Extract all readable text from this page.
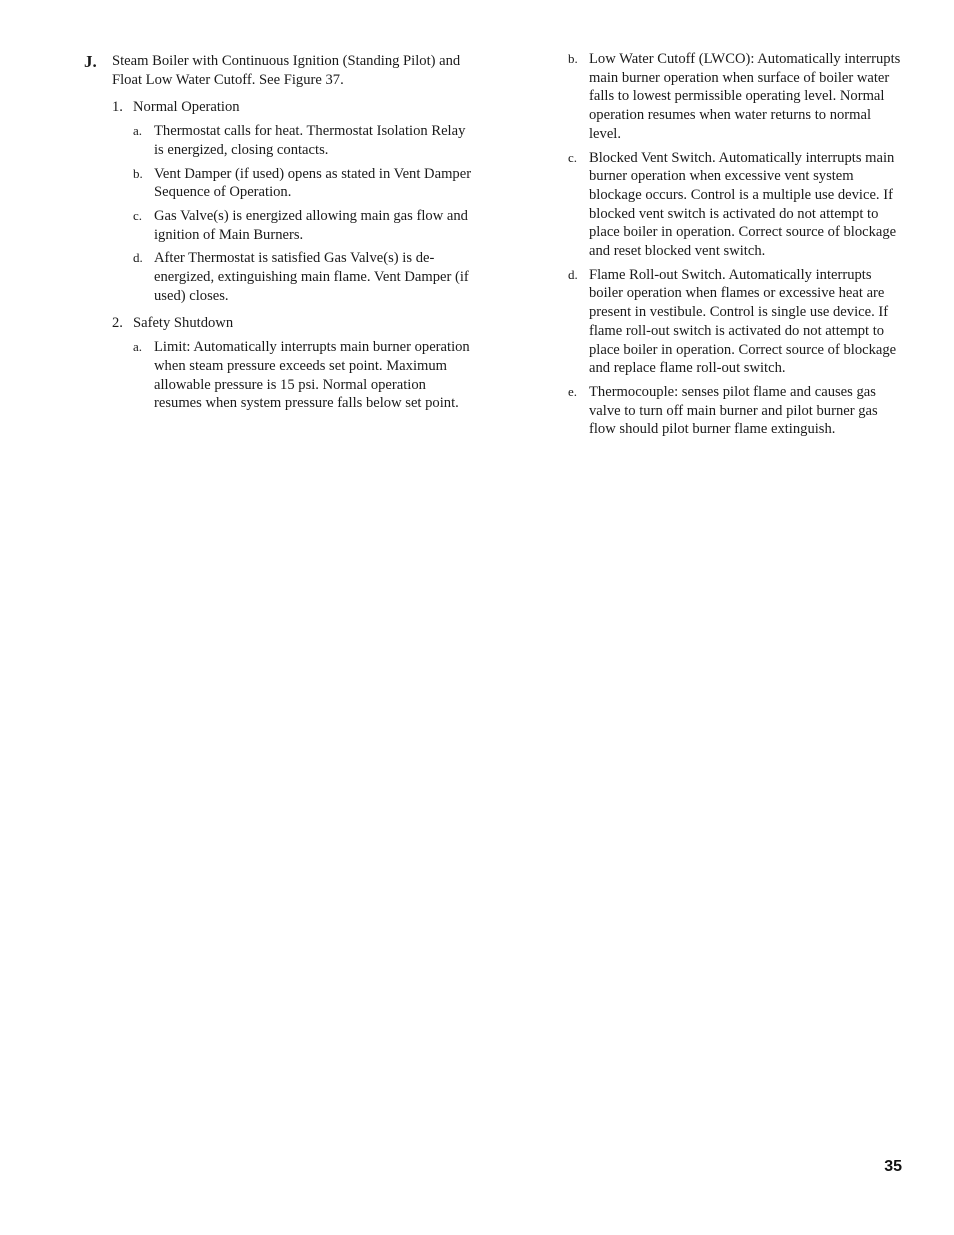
J.	Steam Boiler with Continuous Ignition (Standing Pilot) and Float Low Water Cutoff. See Figure 37.
1. Normal Operation
a. Thermostat calls for heat. Thermostat Isolation Relay is energized, closing contacts.
b. Vent Damper (if used) opens as stated in Vent Damper Sequence of Operation.
c. Gas Valve(s) is energized allowing main gas flow and ignition of Main Burners.
d. After Thermostat is satisfied Gas Valve(s) is de-energized, extinguishing main flame. Vent Damper (if used) closes.
2. Safety Shutdown
a. Limit: Automatically interrupts main burner operation when steam pressure exceeds set point. Maximum allowable pressure is 15 psi. Normal operation resumes when system pressure falls below set point.
b. Low Water Cutoff (LWCO): Automatically interrupts main burner operation when surface of boiler water falls to lowest permissible operating level. Normal operation resumes when water returns to normal level.
c. Blocked Vent Switch. Automatically interrupts main burner operation when excessive vent system blockage occurs. Control is a multiple use device. If blocked vent switch is activated do not attempt to place boiler in operation. Correct source of blockage and reset blocked vent switch.
d. Flame Roll-out Switch. Automatically interrupts boiler operation when flames or excessive heat are present in vestibule. Control is single use device. If flame roll-out switch is activated do not attempt to place boiler in operation. Correct source of blockage and replace flame roll-out switch.
e. Thermocouple: senses pilot flame and causes gas valve to turn off main burner and pilot burner gas flow should pilot burner flame extinguish.
35
